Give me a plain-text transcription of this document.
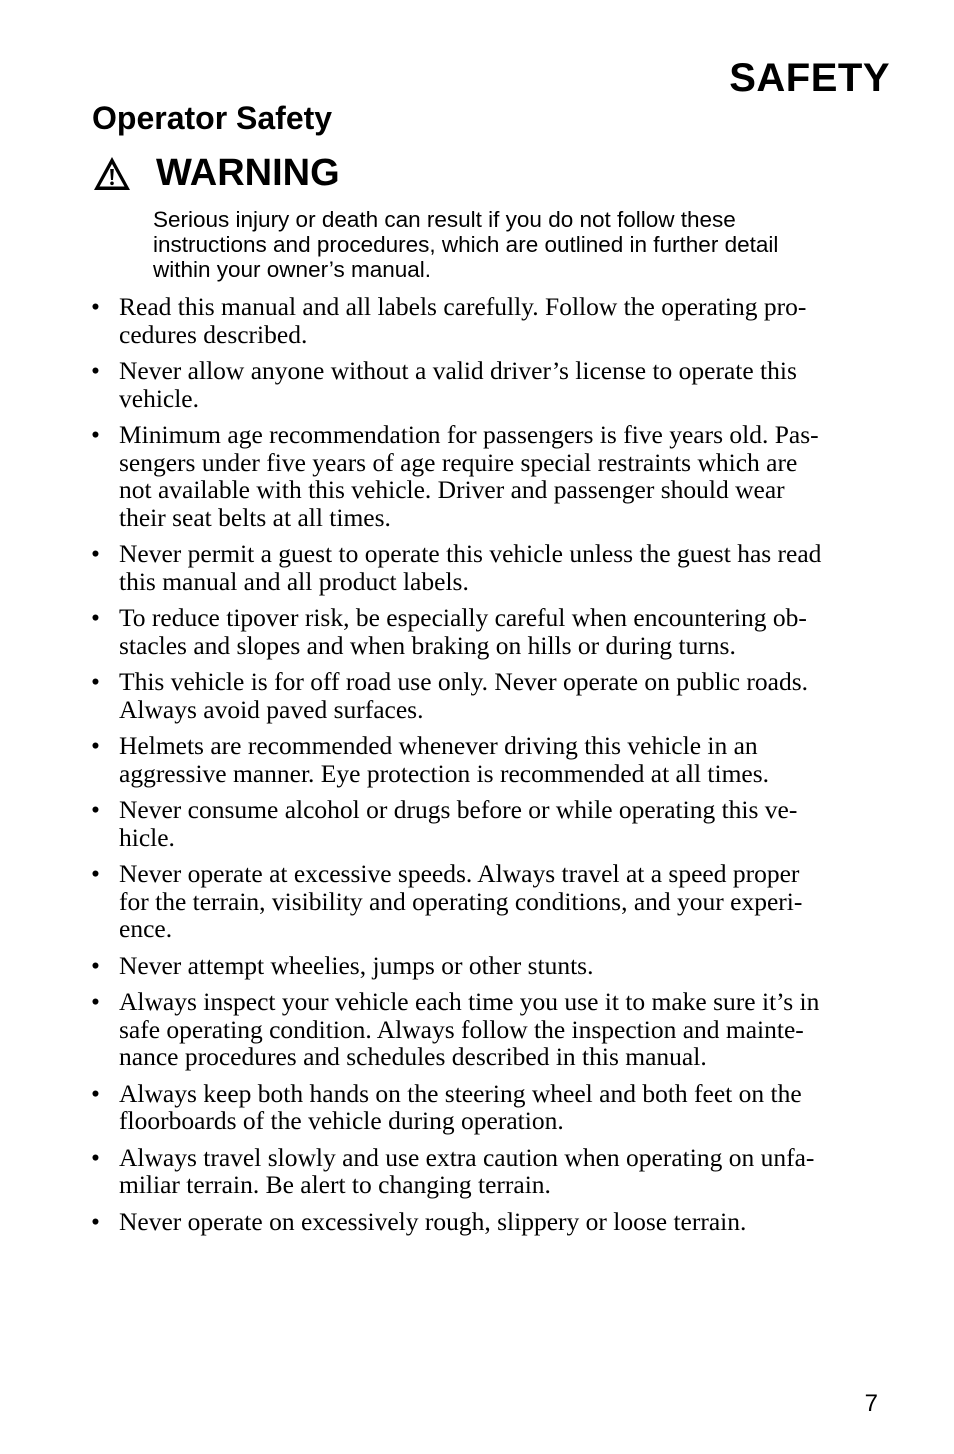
SAFETY
Operator Safety
WARNING
Serious injury or death can result if you do not follow these
instructions and procedures, which are outlined in further detail
within your owner’s manual.
• Read this manual and all labels carefully. Follow the operating pro-
cedures described.
• Never allow anyone without a valid driver’s license to operate this
vehicle.
• Minimum age recommendation for passengers is five years old. Pas-
sengers under five years of age require special restraints which are
not available with this vehicle. Driver and passenger should wear
their seat belts at all times.
• Never permit a guest to operate this vehicle unless the guest has read
this manual and all product labels.
• To reduce tipover risk, be especially careful when encountering ob-
stacles and slopes and when braking on hills or during turns.
• This vehicle is for off road use only. Never operate on public roads.
Always avoid paved surfaces.
• Helmets are recommended whenever driving this vehicle in an
aggressive manner. Eye protection is recommended at all times.
• Never consume alcohol or drugs before or while operating this ve-
hicle.
• Never operate at excessive speeds. Always travel at a speed proper
for the terrain, visibility and operating conditions, and your experi-
ence.
• Never attempt wheelies, jumps or other stunts.
• Always inspect your vehicle each time you use it to make sure it’s in
safe operating condition. Always follow the inspection and mainte-
nance procedures and schedules described in this manual.
• Always keep both hands on the steering wheel and both feet on the
floorboards of the vehicle during operation.
• Always travel slowly and use extra caution when operating on unfa-
miliar terrain. Be alert to changing terrain.
• Never operate on excessively rough, slippery or loose terrain.
7
